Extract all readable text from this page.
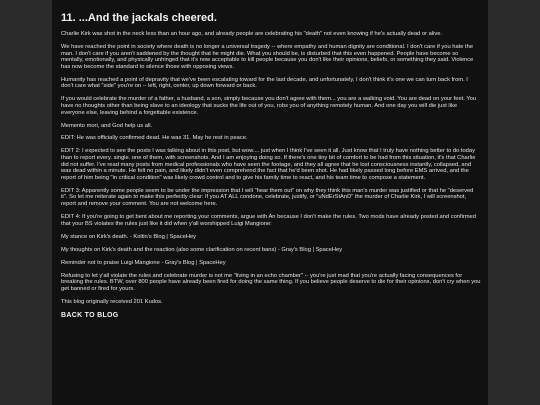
11. ...And the jackals cheered.

Charlie Kirk was shot in the neck less than an hour ago, and already people are celebrating his "death" not even knowing if he's actually dead or alive.

We have reached the point in society where death is no longer a universal tragedy -- where empathy and human dignity are conditional. I don't care if you hate the man. I don't care if you aren't saddened by the thought that he might die. What you should be, is disturbed that this even happened. People have become so mentally, emotionally, and physically unhinged that it's now acceptable to kill people because you don't like their opinions, beliefs, or something they said. Violence has now become the standard to silence those with opposing views.

Humanity has reached a point of depravity that we've been escalating toward for the last decade, and unfortunately, I don't think it's one we can turn back from. I don't care what "side" you're on -- left, right, center, up down forward or back.

If you would celebrate the murder of a father, a husband, a son, simply because you don't agree with them... you are a walking void. You are dead on your feet. You have no thoughts other than being slave to an ideology that sucks the life out of you, robs you of anything remotely human. And one day you will die just like everyone else, leaving behind a forgettable existence.

Memento mori, and God help us all.

EDIT: He was officially confirmed dead. He was 31. May he rest in peace.

EDIT 2: I expected to see the posts I was talking about in this post, but wow.... just when I think I've seen it all. Just know that I truly have nothing better to do today than to report every. single. one of them, with screenshots. And I am enjoying doing so. If there's one tiny bit of comfort to be had from this situation, it's that Charlie did not suffer. I've read many posts from medical professionals who have seen the footage, and they all agree that he lost consciousness instantly, collapsed, and was dead within a minute. He felt no pain, and likely didn't even comprehend the fact that he'd been shot. He had likely passed long before EMS arrived, and the report of him being "in critical condition" was likely crowd control and to give his family time to react, and his team time to compose a statement.

EDIT 3: Apparently some people seem to be under the impression that I will "hear them out" on why they think this man's murder was justified or that he "deserved it". So let me reiterate again to make this perfectly clear: If you AT ALL condone, celebrate, justify, or "uNdErStAnD" the murder of Charlie Kirk, I will screenshot, report and remove your comment. You are not welcome here.

EDIT 4: If you're going to get bent about me reporting your comments, argue with An because I don't make the rules. Two mods have already posted and confirmed that your BS violates the rules just like it did when y'all worshipped Luigi Mangione:

My stance on Kirk's death. - Koltin's Blog | SpaceHey

My thoughts on Kirk's death and the reaction (also some clarification on recent bans) - Gray's Blog | SpaceHey

Reminder not to praise Luigi Mangione - Gray's Blog | SpaceHey

Refusing to let y'all violate the rules and celebrate murder is not me "living in an echo chamber" -- you're just mad that you're actually facing consequences for breaking the rules. BTW, over 800 people have already been fired for doing the same thing. If you believe people deserve to die for their opinions, don't cry when you get banned or fired for yours.

This blog originally received 201 Kudos.

BACK TO BLOG
